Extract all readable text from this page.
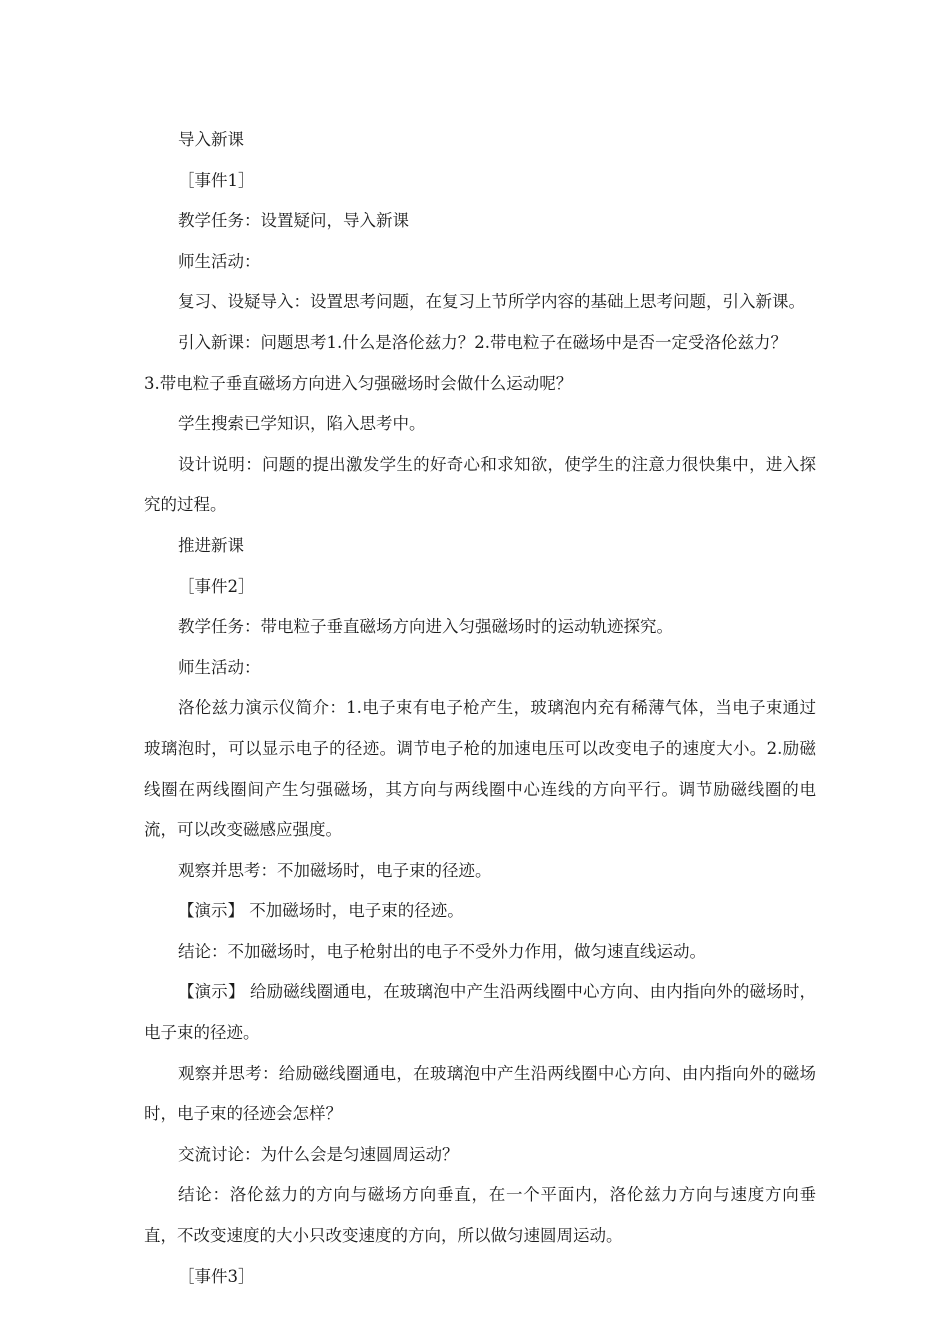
导入新课

［事件1］

教学任务：设置疑问，导入新课

师生活动：

复习、设疑导入：设置思考问题，在复习上节所学内容的基础上思考问题，引入新课。

引入新课：问题思考1.什么是洛伦兹力？2.带电粒子在磁场中是否一定受洛伦兹力？

3.带电粒子垂直磁场方向进入匀强磁场时会做什么运动呢？

学生搜索已学知识，陷入思考中。

设计说明：问题的提出激发学生的好奇心和求知欲，使学生的注意力很快集中，进入探究的过程。

推进新课

［事件2］

教学任务：带电粒子垂直磁场方向进入匀强磁场时的运动轨迹探究。

师生活动：

洛伦兹力演示仪简介：1.电子束有电子枪产生，玻璃泡内充有稀薄气体，当电子束通过玻璃泡时，可以显示电子的径迹。调节电子枪的加速电压可以改变电子的速度大小。2.励磁线圈在两线圈间产生匀强磁场，其方向与两线圈中心连线的方向平行。调节励磁线圈的电流，可以改变磁感应强度。

观察并思考：不加磁场时，电子束的径迹。

【演示】 不加磁场时，电子束的径迹。

结论：不加磁场时，电子枪射出的电子不受外力作用，做匀速直线运动。

【演示】 给励磁线圈通电，在玻璃泡中产生沿两线圈中心方向、由内指向外的磁场时，电子束的径迹。

观察并思考：给励磁线圈通电，在玻璃泡中产生沿两线圈中心方向、由内指向外的磁场时，电子束的径迹会怎样？

交流讨论：为什么会是匀速圆周运动？

结论：洛伦兹力的方向与磁场方向垂直，在一个平面内，洛伦兹力方向与速度方向垂直，不改变速度的大小只改变速度的方向，所以做匀速圆周运动。

［事件3］
